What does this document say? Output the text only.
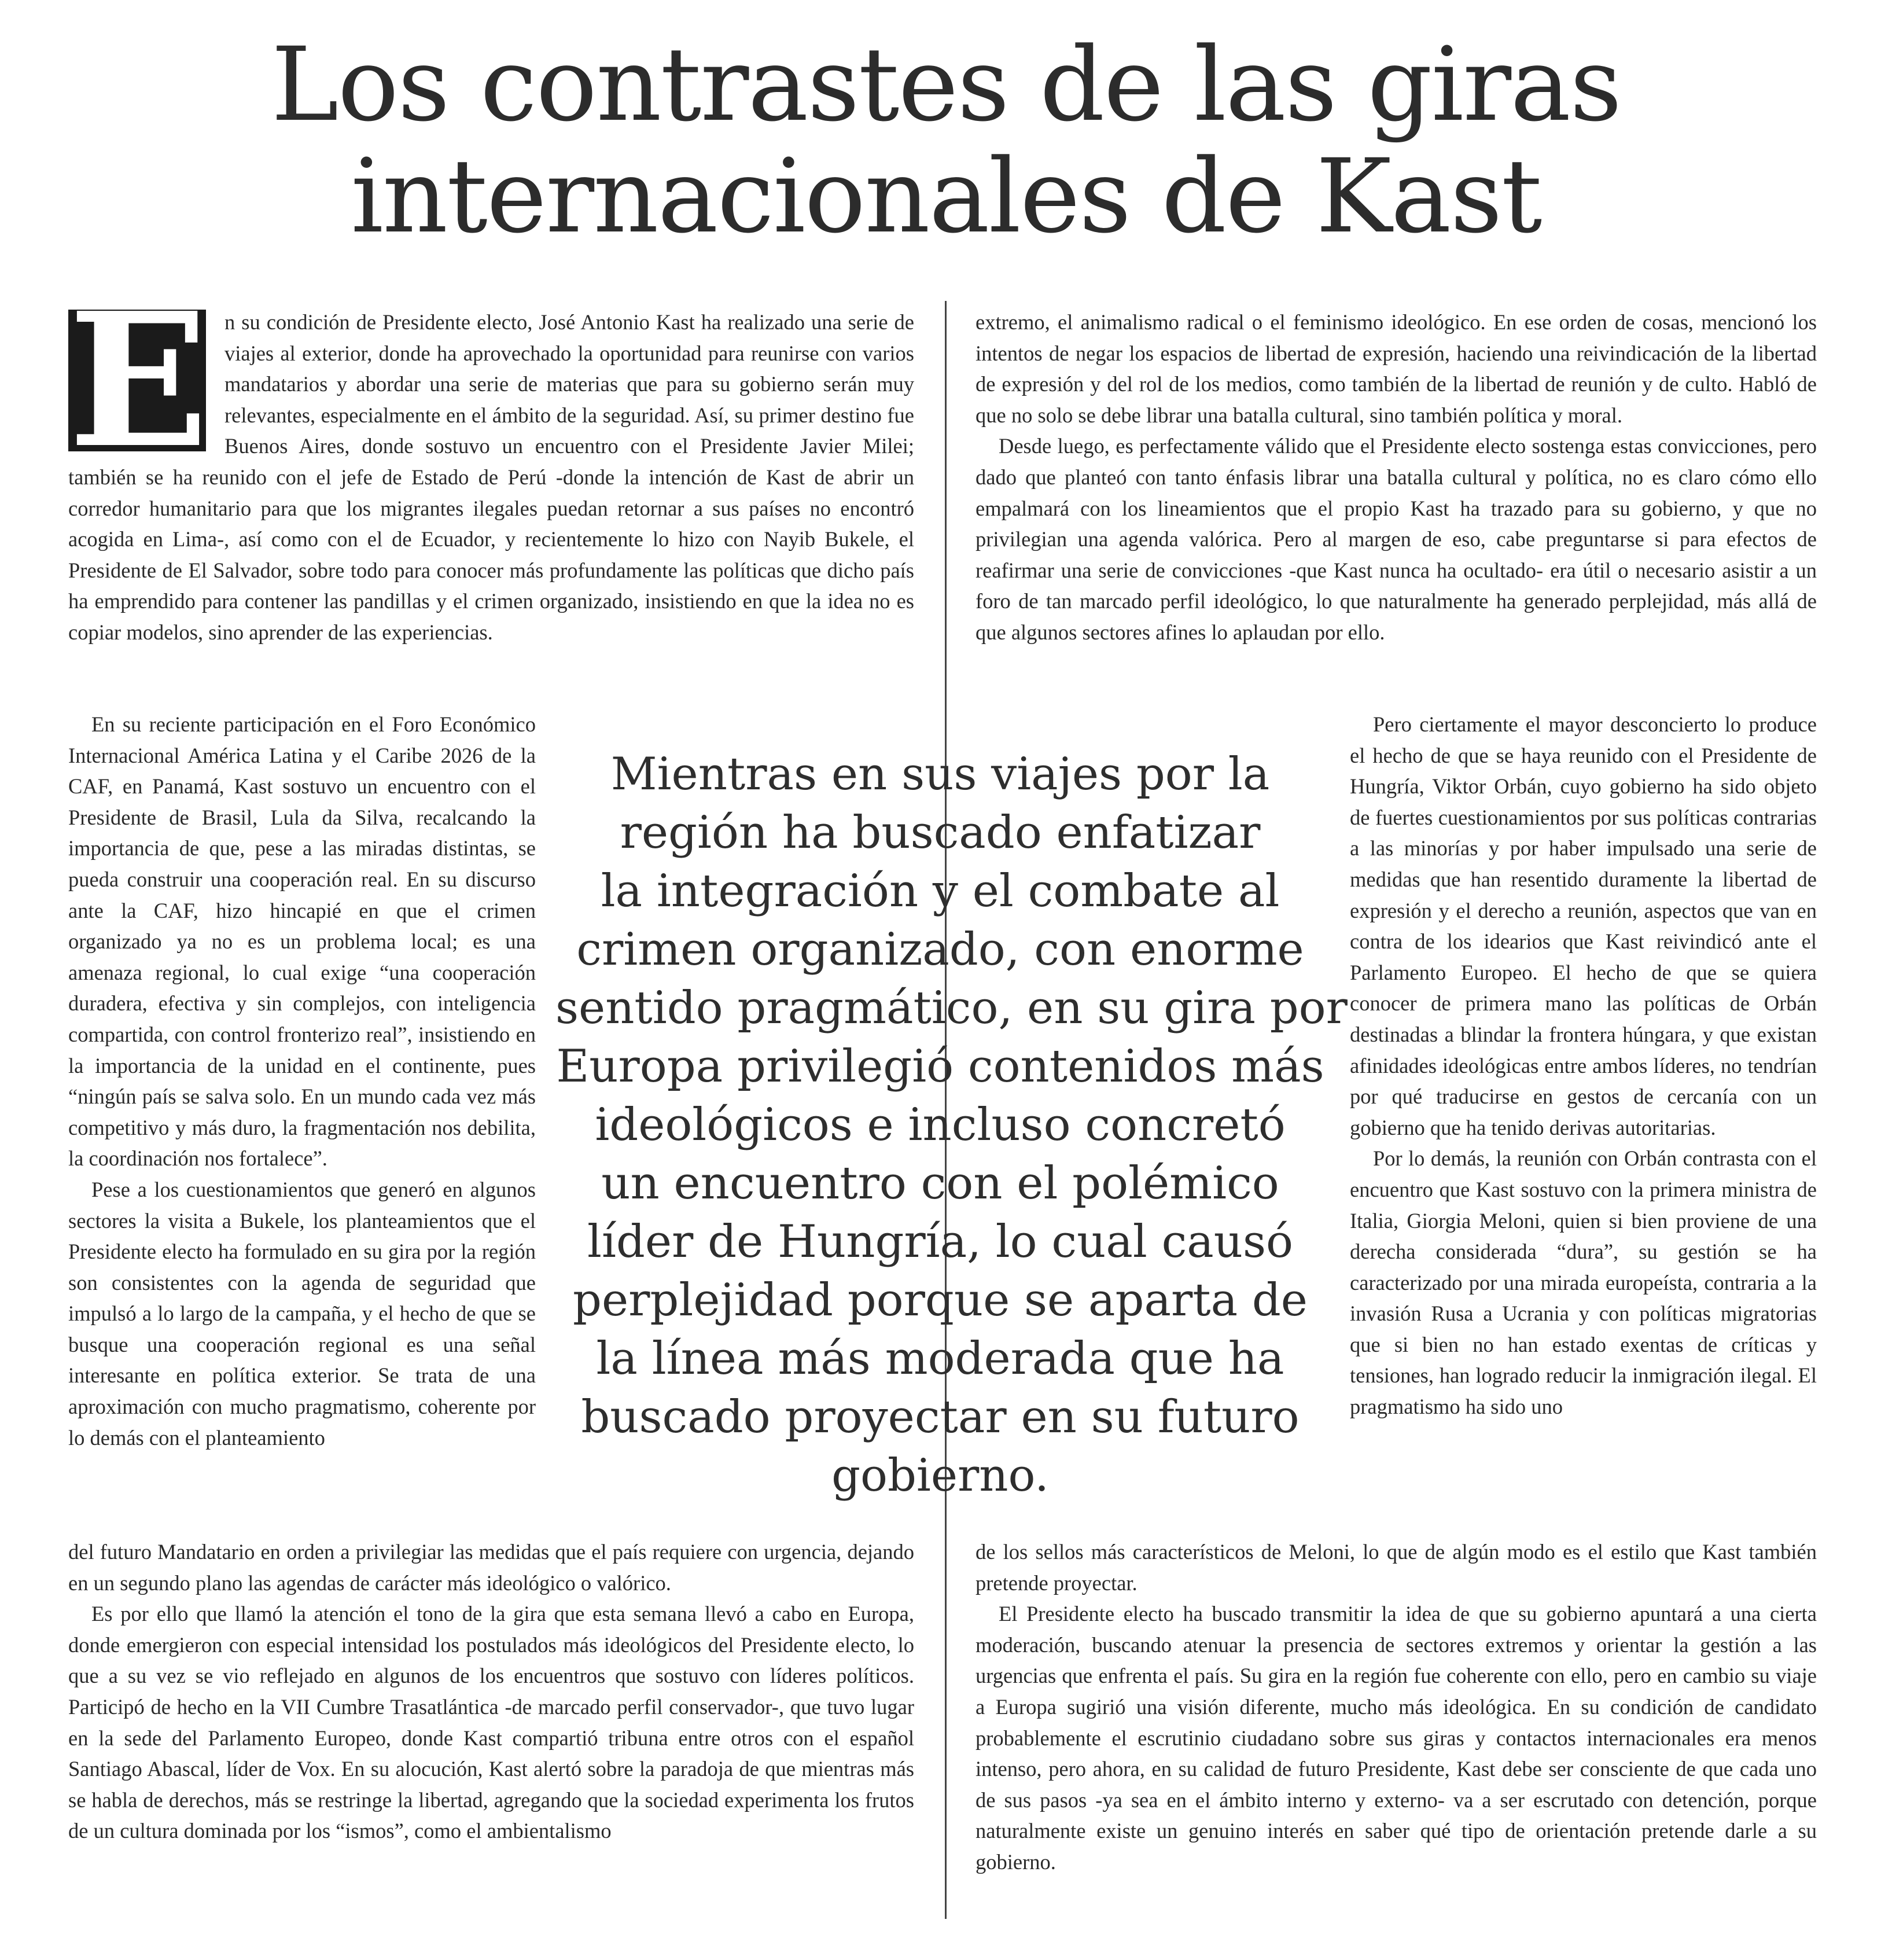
Los contrastes de las giras
internacionales de Kast
E n su condición de Presidente electo, José Antonio Kast ha realizado una serie de viajes al exterior, donde ha aprovechado la oportunidad para reunirse con varios mandatarios y abordar una serie de materias que para su gobierno serán muy relevantes, especialmente en el ámbito de la seguridad. Así, su primer destino fue Buenos Aires, donde sostuvo un encuentro con el Presidente Javier Milei; también se ha reunido con el jefe de Estado de Perú -donde la intención de Kast de abrir un corredor humanitario para que los migrantes ilegales puedan retornar a sus países no encontró acogida en Lima-, así como con el de Ecuador, y recientemente lo hizo con Nayib Bukele, el Presidente de El Salvador, sobre todo para conocer más profundamente las políticas que dicho país ha emprendido para contener las pandillas y el crimen organizado, insistiendo en que la idea no es copiar modelos, sino aprender de las experiencias.

En su reciente participación en el Foro Económico Internacional América Latina y el Caribe 2026 de la CAF, en Panamá, Kast sostuvo un encuentro con el Presidente de Brasil, Lula da Silva, recalcando la importancia de que, pese a las miradas distintas, se pueda construir una cooperación real. En su discurso ante la CAF, hizo hincapié en que el crimen organizado ya no es un problema local; es una amenaza regional, lo cual exige “una cooperación duradera, efectiva y sin complejos, con inteligencia compartida, con control fronterizo real”, insistiendo en la importancia de la unidad en el continente, pues “ningún país se salva solo. En un mundo cada vez más competitivo y más duro, la fragmentación nos debilita, la coordinación nos fortalece”.

Pese a los cuestionamientos que generó en algunos sectores la visita a Bukele, los planteamientos que el Presidente electo ha formulado en su gira por la región son consistentes con la agenda de seguridad que impulsó a lo largo de la campaña, y el hecho de que se busque una cooperación regional es una señal interesante en política exterior. Se trata de una aproximación con mucho pragmatismo, coherente por lo demás con el planteamiento

del futuro Mandatario en orden a privilegiar las medidas que el país requiere con urgencia, dejando en un segundo plano las agendas de carácter más ideológico o valórico.

Es por ello que llamó la atención el tono de la gira que esta semana llevó a cabo en Europa, donde emergieron con especial intensidad los postulados más ideológicos del Presidente electo, lo que a su vez se vio reflejado en algunos de los encuentros que sostuvo con líderes políticos. Participó de hecho en la VII Cumbre Trasatlántica -de marcado perfil conservador-, que tuvo lugar en la sede del Parlamento Europeo, donde Kast compartió tribuna entre otros con el español Santiago Abascal, líder de Vox. En su alocución, Kast alertó sobre la paradoja de que mientras más se habla de derechos, más se restringe la libertad, agregando que la sociedad experimenta los frutos de un cultura dominada por los “ismos”, como el ambientalismo

extremo, el animalismo radical o el feminismo ideológico. En ese orden de cosas, mencionó los intentos de negar los espacios de libertad de expresión, haciendo una reivindicación de la libertad de expresión y del rol de los medios, como también de la libertad de reunión y de culto. Habló de que no solo se debe librar una batalla cultural, sino también política y moral.

Desde luego, es perfectamente válido que el Presidente electo sostenga estas convicciones, pero dado que planteó con tanto énfasis librar una batalla cultural y política, no es claro cómo ello empalmará con los lineamientos que el propio Kast ha trazado para su gobierno, y que no privilegian una agenda valórica. Pero al margen de eso, cabe preguntarse si para efectos de reafirmar una serie de convicciones -que Kast nunca ha ocultado- era útil o necesario asistir a un foro de tan marcado perfil ideológico, lo que naturalmente ha generado perplejidad, más allá de que algunos sectores afines lo aplaudan por ello.

Pero ciertamente el mayor desconcierto lo produce el hecho de que se haya reunido con el Presidente de Hungría, Viktor Orbán, cuyo gobierno ha sido objeto de fuertes cuestionamientos por sus políticas contrarias a las minorías y por haber impulsado una serie de medidas que han resentido duramente la libertad de expresión y el derecho a reunión, aspectos que van en contra de los idearios que Kast reivindicó ante el Parlamento Europeo. El hecho de que se quiera conocer de primera mano las políticas de Orbán destinadas a blindar la frontera húngara, y que existan afinidades ideológicas entre ambos líderes, no tendrían por qué traducirse en gestos de cercanía con un gobierno que ha tenido derivas autoritarias.

Por lo demás, la reunión con Orbán contrasta con el encuentro que Kast sostuvo con la primera ministra de Italia, Giorgia Meloni, quien si bien proviene de una derecha considerada “dura”, su gestión se ha caracterizado por una mirada europeísta, contraria a la invasión Rusa a Ucrania y con políticas migratorias que si bien no han estado exentas de críticas y tensiones, han logrado reducir la inmigración ilegal. El pragmatismo ha sido uno

de los sellos más característicos de Meloni, lo que de algún modo es el estilo que Kast también pretende proyectar.

El Presidente electo ha buscado transmitir la idea de que su gobierno apuntará a una cierta moderación, buscando atenuar la presencia de sectores extremos y orientar la gestión a las urgencias que enfrenta el país. Su gira en la región fue coherente con ello, pero en cambio su viaje a Europa sugirió una visión diferente, mucho más ideológica. En su condición de candidato probablemente el escrutinio ciudadano sobre sus giras y contactos internacionales era menos intenso, pero ahora, en su calidad de futuro Presidente, Kast debe ser consciente de que cada uno de sus pasos -ya sea en el ámbito interno y externo- va a ser escrutado con detención, porque naturalmente existe un genuino interés en saber qué tipo de orientación pretende darle a su gobierno.

Mientras en sus viajes por la
región ha buscado enfatizar
la integración y el combate al
crimen organizado, con enorme
sentido pragmático, en su gira por
Europa privilegió contenidos más
ideológicos e incluso concretó
un encuentro con el polémico
líder de Hungría, lo cual causó
perplejidad porque se aparta de
la línea más moderada que ha
buscado proyectar en su futuro
gobierno.
